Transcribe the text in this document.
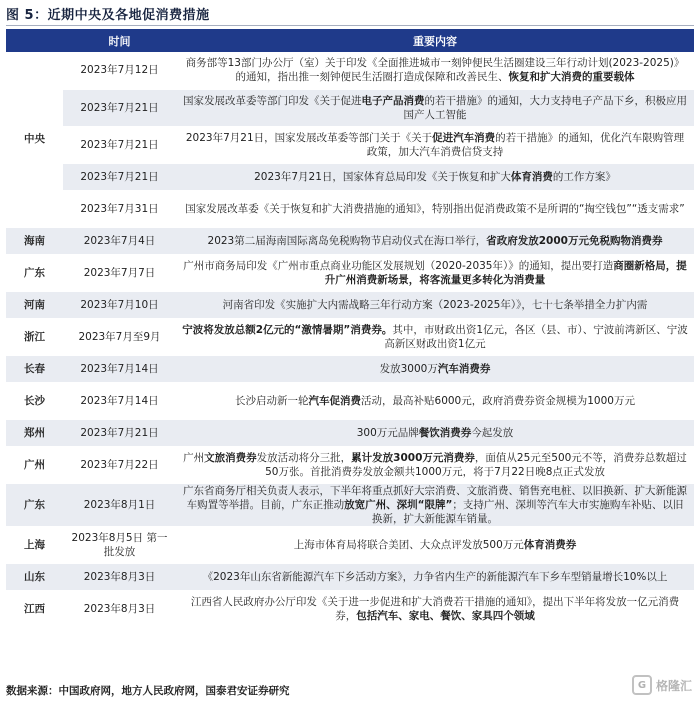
图 5：近期中央及各地促消费措施
	时间	重要内容
中央	2023年7月12日	商务部等13部门办公厅（室）关于印发《全面推进城市一刻钟便民生活圈建设三年行动计划(2023-2025)》的通知，指出推一刻钟便民生活圈打造成保障和改善民生、恢复和扩大消费的重要载体
	2023年7月21日	国家发展改革委等部门印发《关于促进电子产品消费的若干措施》的通知，大力支持电子产品下乡，积极应用国产人工智能
	2023年7月21日	2023年7月21日，国家发展改革委等部门关于《关于促进汽车消费的若干措施》的通知，优化汽车限购管理政策，加大汽车消费信贷支持
	2023年7月21日	2023年7月21日，国家体育总局印发《关于恢复和扩大体育消费的工作方案》
	2023年7月31日	国家发展改革委《关于恢复和扩大消费措施的通知》，特别指出促消费政策不是所谓的“掏空钱包”“透支需求”
海南	2023年7月4日	2023第二届海南国际离岛免税购物节启动仪式在海口举行，省政府发放2000万元免税购物消费券
广东	2023年7月7日	广州市商务局印发《广州市重点商业功能区发展规划（2020-2035年）》的通知，提出要打造商圈新格局，提升广州消费新场景，将客流量更多转化为消费量
河南	2023年7月10日	河南省印发《实施扩大内需战略三年行动方案（2023-2025年）》，七十七条举措全力扩内需
浙江	2023年7月至9月	宁波将发放总额2亿元的“激情暑期”消费券。其中，市财政出资1亿元，各区（县、市）、宁波前湾新区、宁波高新区财政出资1亿元
长春	2023年7月14日	发放3000万汽车消费券
长沙	2023年7月14日	长沙启动新一轮汽车促消费活动，最高补贴6000元，政府消费券资金规模为1000万元
郑州	2023年7月21日	300万元品牌餐饮消费券今起发放
广州	2023年7月22日	广州文旅消费券发放活动将分三批，累计发放3000万元消费券，面值从25元至500元不等，消费券总数超过50万张。首批消费券发放金额共1000万元，将于7月22日晚8点正式发放
广东	2023年8月1日	广东省商务厅相关负责人表示，下半年将重点抓好大宗消费、文旅消费、销售充电桩、以旧换新、扩大新能源车购置等举措。目前，广东正推动放宽广州、深圳“限牌”；支持广州、深圳等汽车大市实施购车补贴、以旧换新，扩大新能源车销量。
上海	2023年8月5日 第一批发放	上海市体育局将联合美团、大众点评发放500万元体育消费券
山东	2023年8月3日	《2023年山东省新能源汽车下乡活动方案》，力争省内生产的新能源汽车下乡车型销量增长10%以上
江西	2023年8月3日	江西省人民政府办公厅印发《关于进一步促进和扩大消费若干措施的通知》，提出下半年将发放一亿元消费券，包括汽车、家电、餐饮、家具四个领域
数据来源：中国政府网，地方人民政府网，国泰君安证券研究	G 格隆汇
